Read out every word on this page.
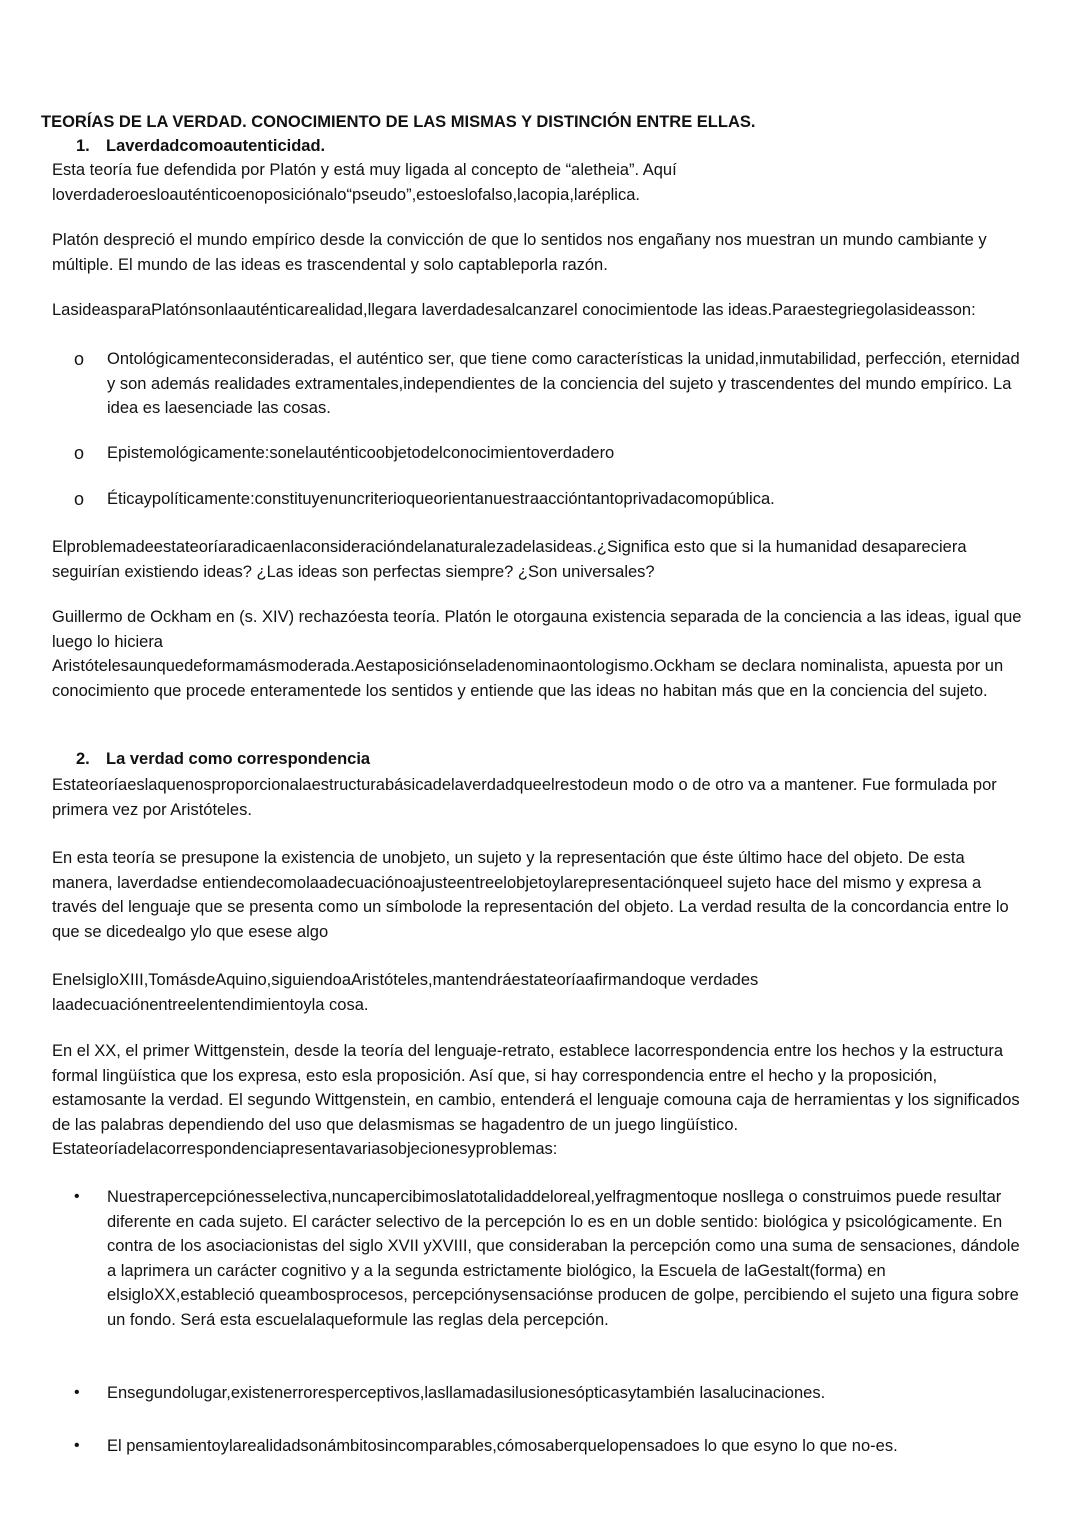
TEORÍAS DE LA VERDAD. CONOCIMIENTO DE LAS MISMAS Y DISTINCIÓN ENTRE ELLAS.
1. Laverdadcomoautenticidad.
Esta teoría fue defendida por Platón y está muy ligada al concepto de “aletheia”. Aquí loverdaderoesloauténticoenoposiciónalo“pseudo”,estoeslofalso,lacopia,laréplica.
Platón despreció el mundo empírico desde la convicción de que lo sentidos nos engañany nos muestran un mundo cambiante y múltiple. El mundo de las ideas es trascendental y solo captableporla razón.
LasideasparaPlatónsonlaauténticarealidad,llegara laverdadesalcanzarel conocimientode las ideas.Paraestegriegolasideasson:
o Ontológicamenteconsideradas, el auténtico ser, que tiene como características la unidad,inmutabilidad, perfección, eternidad y son además realidades extramentales,independientes de la conciencia del sujeto y trascendentes del mundo empírico. La idea es laesenciade las cosas.
o Epistemológicamente:sonelauténticoobjetodelconocimientoverdadero
o Éticaypolíticamente:constituyenuncriterioqueorientanuestraaccióntantoprivadacomopública.
Elproblemadeestateoríaradicaenlaconsideracióndelanaturalezadelasideas.¿Significa esto que si la humanidad desapareciera seguirían existiendo ideas? ¿Las ideas son perfectas siempre? ¿Son universales?
Guillermo de Ockham en (s. XIV) rechazóesta teoría. Platón le otorgauna existencia separada de la conciencia a las ideas, igual que luego lo hiciera
Aristótelesaunquedeformamásmoderada.Aestaposiciónseladenominaontologismo.Ockham se declara nominalista, apuesta por un conocimiento que procede enteramentede los sentidos y entiende que las ideas no habitan más que en la conciencia del sujeto.
2. La verdad como correspondencia
Estateoríaeslaquenosproporcionalaestructurabásicadelaverdadqueelrestodeun modo o de otro va a mantener. Fue formulada por primera vez por Aristóteles.
En esta teoría se presupone la existencia de unobjeto, un sujeto y la representación que éste último hace del objeto. De esta manera, laverdadse entiendecomolaadecuaciónoajusteentreelobjetoylarepresentaciónqueel sujeto hace del mismo y expresa a través del lenguaje que se presenta como un símbolode la representación del objeto. La verdad resulta de la concordancia entre lo que se dicedealgo ylo que esese algo
EnelsigloXIII,TomásdeAquino,siguiendoaAristóteles,mantendráestateoríaafirmandoque verdades laadecuaciónentreelentendimientoyla cosa.
En el XX, el primer Wittgenstein, desde la teoría del lenguaje-retrato, establece lacorrespondencia entre los hechos y la estructura formal lingüística que los expresa, esto esla proposición. Así que, si hay correspondencia entre el hecho y la proposición, estamosante la verdad. El segundo Wittgenstein, en cambio, entenderá el lenguaje comouna caja de herramientas y los significados de las palabras dependiendo del uso que delasmismas se hagadentro de un juego lingüístico. Estateoríadelacorrespondenciapresentavariasobjecionesyproblemas:
• Nuestrapercepciónesselectiva,nuncapercibimoslatotalidaddeloreal,yelfragmentoque nosllega o construimos puede resultar diferente en cada sujeto. El carácter selectivo de la percepción lo es en un doble sentido: biológica y psicológicamente. En contra de los asociacionistas del siglo XVII yXVIII, que consideraban la percepción como una suma de sensaciones, dándole a laprimera un carácter cognitivo y a la segunda estrictamente biológico, la Escuela de laGestalt(forma) en elsigloXX,estableció queambosprocesos, percepciónysensaciónse producen de golpe, percibiendo el sujeto una figura sobre un fondo. Será esta escuelalaqueformule las reglas dela percepción.
• Ensegundolugar,existenerroresperceptivos,lasllamadasilusionesópticasytambién lasalucinaciones.
• El pensamientoylarealidadsonámbitosincomparables,cómosaberquelopensadoes lo que esyno lo que no-es.
